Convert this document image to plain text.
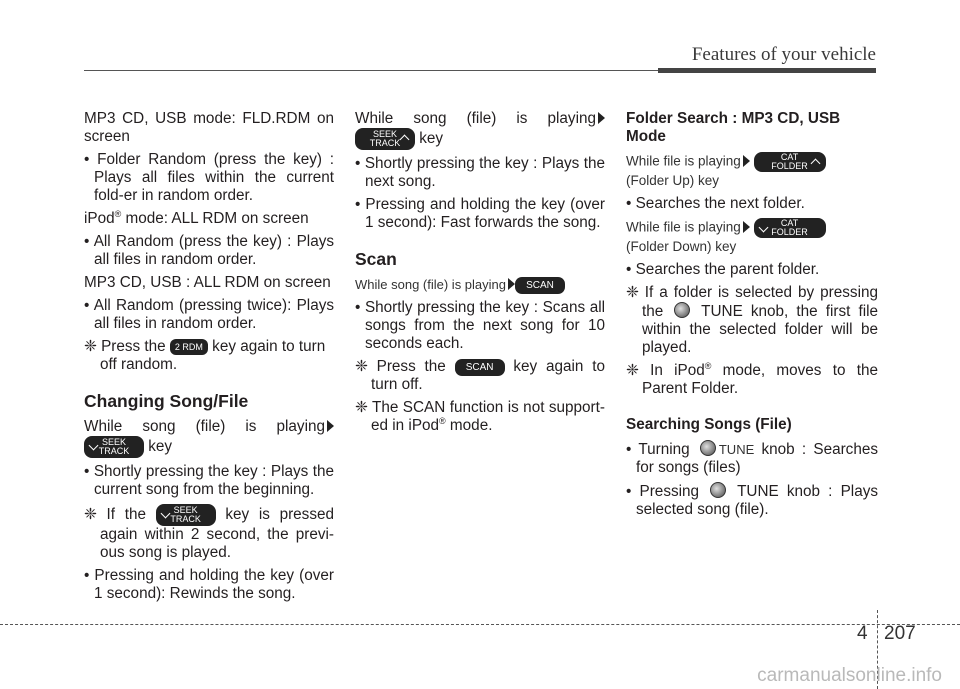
Features of your vehicle

MP3 CD, USB mode: FLD.RDM on screen

• Folder Random (press the key) : Plays all files within the current fold-er in random order.

iPod® mode: ALL RDM on screen

• All Random (press the key) : Plays all files in random order.

MP3 CD, USB : ALL RDM on screen

• All Random (pressing twice): Plays all files in random order.

❈ Press the 2 RDM key again to turn off random.

Changing Song/File

While song (file) is playing

SEEK
TRACK	key

• Shortly pressing the key : Plays the current song from the beginning.

❈ If the	SEEK
TRACK key is pressed again within 2 second, the previ-ous song is played.

• Pressing and holding the key (over 1 second): Rewinds the song.

While song (file) is playing

SEEK
TRACK	key

• Shortly pressing the key : Plays the next song.

• Pressing and holding the key (over 1 second): Fast forwards the song.

Scan

While song (file) is playing SCAN

• Shortly pressing the key : Scans all songs from the next song for 10 seconds each.

❈ Press the SCAN key again to turn off.

❈ The SCAN function is not support-ed in iPod® mode.

Folder Search : MP3 CD, USB Mode

While file is playing	CAT
FOLDER

(Folder Up) key

• Searches the next folder.

While file is playing	CAT
FOLDER

(Folder Down) key

• Searches the parent folder.

❈ If a folder is selected by pressing the  TUNE knob, the first file within the selected folder will be played.

❈ In iPod® mode, moves to the Parent Folder.

Searching Songs (File)

• Turning TUNE knob : Searches for songs (files)

• Pressing  TUNE knob : Plays selected song (file).

4 207
carmanualsonline.info
